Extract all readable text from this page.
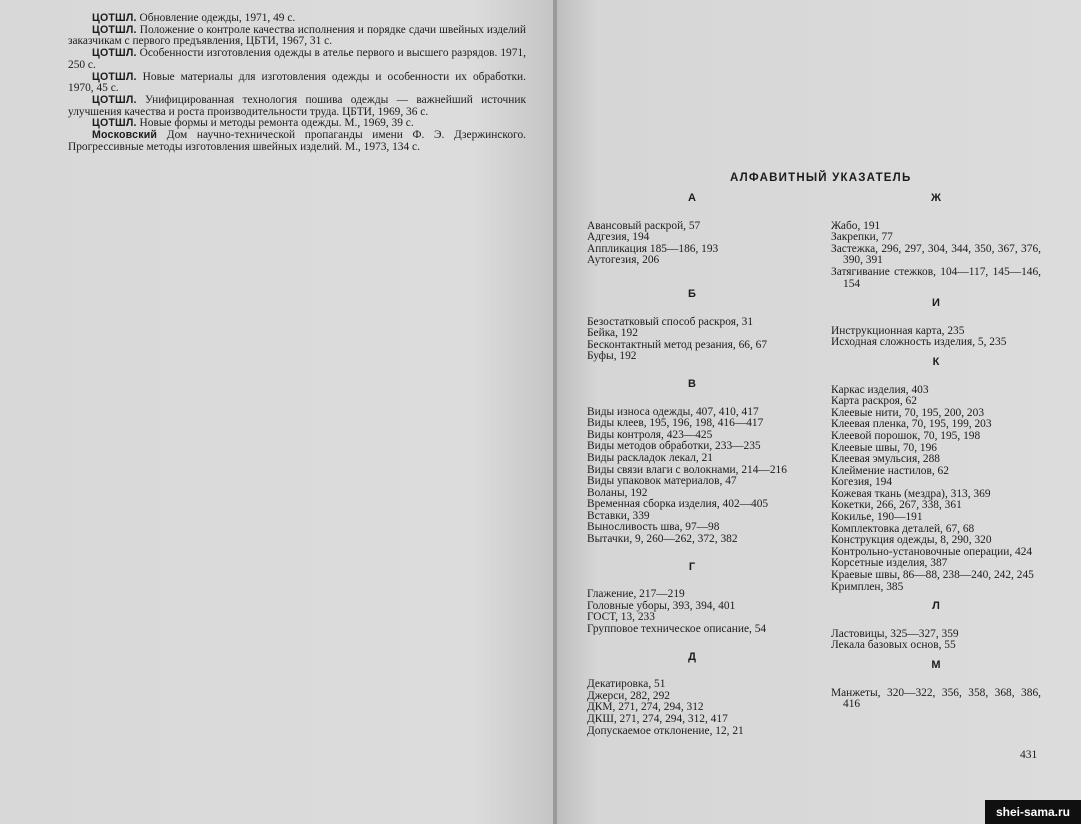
ЦОТШЛ. Обновление одежды, 1971, 49 с.
ЦОТШЛ. Положение о контроле качества исполнения и порядке сдачи швейных изделий заказчикам с первого предъявления, ЦБТИ, 1967, 31 с.
ЦОТШЛ. Особенности изготовления одежды в ателье первого и высшего разрядов. 1971, 250 с.
ЦОТШЛ. Новые материалы для изготовления одежды и особенности их обработки. 1970, 45 с.
ЦОТШЛ. Унифицированная технология пошива одежды — важнейший источник улучшения качества и роста производительности труда. ЦБТИ, 1969, 36 с.
ЦОТШЛ. Новые формы и методы ремонта одежды. М., 1969, 39 с.
Московский Дом научно-технической пропаганды имени Ф. Э. Дзержинского. Прогрессивные методы изготовления швейных изделий. М., 1973, 134 с.
АЛФАВИТНЫЙ УКАЗАТЕЛЬ
А
Авансовый раскрой, 57
Адгезия, 194
Аппликация 185—186, 193
Аутогезия, 206
Б
Безостатковый способ раскроя, 31
Бейка, 192
Бесконтактный метод резания, 66, 67
Буфы, 192
В
Виды износа одежды, 407, 410, 417
Виды клеев, 195, 196, 198, 416—417
Виды контроля, 423—425
Виды методов обработки, 233—235
Виды раскладок лекал, 21
Виды связи влаги с волокнами, 214—216
Виды упаковок материалов, 47
Воланы, 192
Временная сборка изделия, 402—405
Вставки, 339
Выносливость шва, 97—98
Вытачки, 9, 260—262, 372, 382
Г
Глажение, 217—219
Головные уборы, 393, 394, 401
ГОСТ, 13, 233
Групповое техническое описание, 54
Д
Декатировка, 51
Джерси, 282, 292
ДКМ, 271, 274, 294, 312
ДКШ, 271, 274, 294, 312, 417
Допускаемое отклонение, 12, 21
Ж
Жабо, 191
Закрепки, 77
Застежка, 296, 297, 304, 344, 350, 367, 376, 390, 391
Затягивание стежков, 104—117, 145—146, 154
И
Инструкционная карта, 235
Исходная сложность изделия, 5, 235
К
Каркас изделия, 403
Карта раскроя, 62
Клеевые нити, 70, 195, 200, 203
Клеевая пленка, 70, 195, 199, 203
Клеевой порошок, 70, 195, 198
Клеевые швы, 70, 196
Клеевая эмульсия, 288
Клеймение настилов, 62
Когезия, 194
Кожевая ткань (мездра), 313, 369
Кокетки, 266, 267, 338, 361
Кокилье, 190—191
Комплектовка деталей, 67, 68
Конструкция одежды, 8, 290, 320
Контрольно-установочные операции, 424
Корсетные изделия, 387
Краевые швы, 86—88, 238—240, 242, 245
Кримплен, 385
Л
Ластовицы, 325—327, 359
Лекала базовых основ, 55
М
Манжеты, 320—322, 356, 358, 368, 386, 416
431
shei-sama.ru
